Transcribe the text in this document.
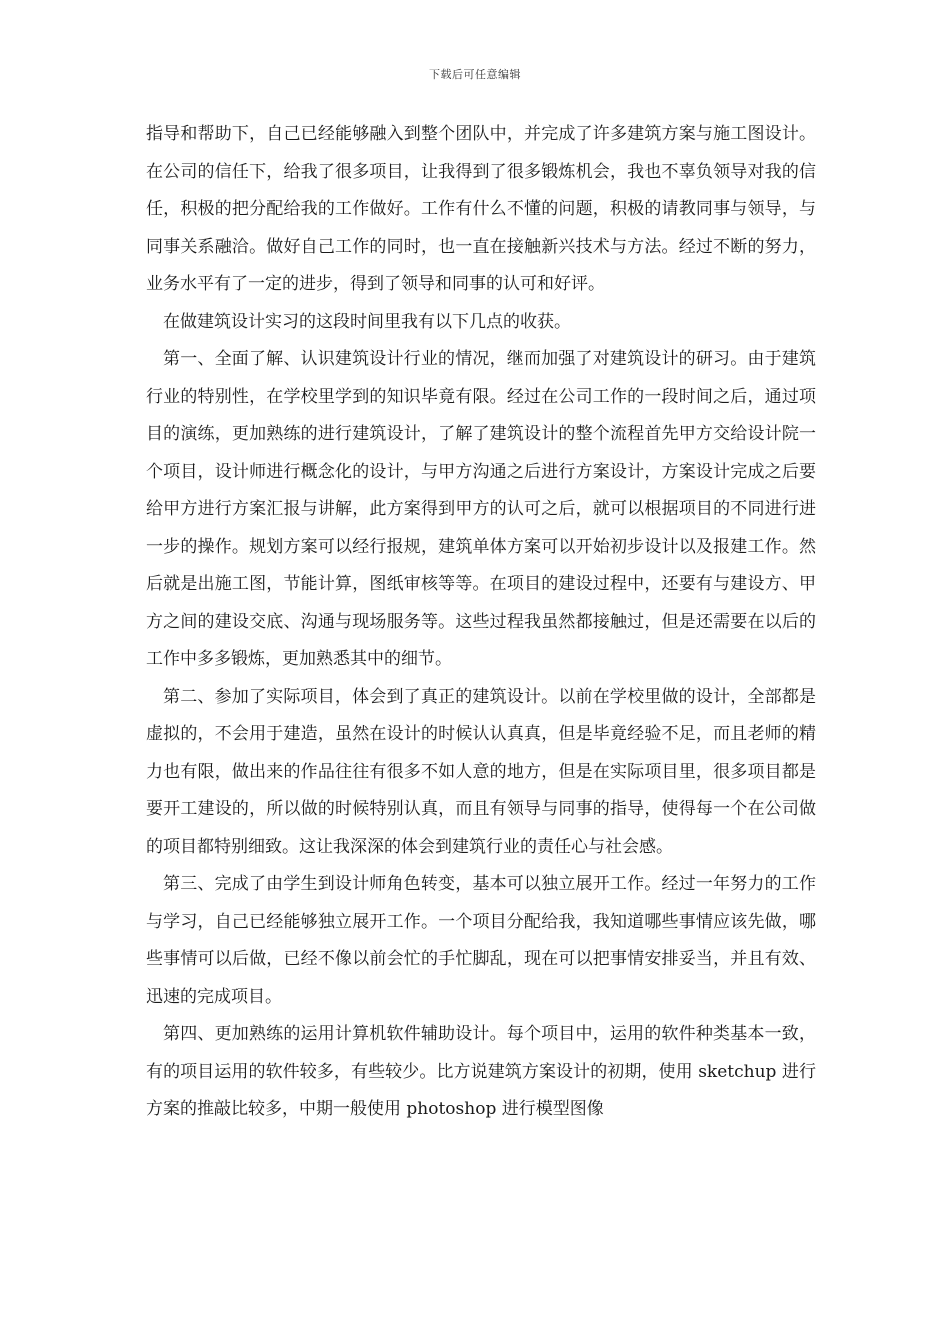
下载后可任意编辑

指导和帮助下，自己已经能够融入到整个团队中，并完成了许多建筑方案与施工图设计。在公司的信任下，给我了很多项目，让我得到了很多锻炼机会，我也不辜负领导对我的信任，积极的把分配给我的工作做好。工作有什么不懂的问题，积极的请教同事与领导，与同事关系融洽。做好自己工作的同时，也一直在接触新兴技术与方法。经过不断的努力，业务水平有了一定的进步，得到了领导和同事的认可和好评。

在做建筑设计实习的这段时间里我有以下几点的收获。

第一、全面了解、认识建筑设计行业的情况，继而加强了对建筑设计的研习。由于建筑行业的特别性，在学校里学到的知识毕竟有限。经过在公司工作的一段时间之后，通过项目的演练，更加熟练的进行建筑设计，了解了建筑设计的整个流程首先甲方交给设计院一个项目，设计师进行概念化的设计，与甲方沟通之后进行方案设计，方案设计完成之后要给甲方进行方案汇报与讲解，此方案得到甲方的认可之后，就可以根据项目的不同进行进一步的操作。规划方案可以经行报规，建筑单体方案可以开始初步设计以及报建工作。然后就是出施工图，节能计算，图纸审核等等。在项目的建设过程中，还要有与建设方、甲方之间的建设交底、沟通与现场服务等。这些过程我虽然都接触过，但是还需要在以后的工作中多多锻炼，更加熟悉其中的细节。

第二、参加了实际项目，体会到了真正的建筑设计。以前在学校里做的设计，全部都是虚拟的，不会用于建造，虽然在设计的时候认认真真，但是毕竟经验不足，而且老师的精力也有限，做出来的作品往往有很多不如人意的地方，但是在实际项目里，很多项目都是要开工建设的，所以做的时候特别认真，而且有领导与同事的指导，使得每一个在公司做的项目都特别细致。这让我深深的体会到建筑行业的责任心与社会感。

第三、完成了由学生到设计师角色转变，基本可以独立展开工作。经过一年努力的工作与学习，自己已经能够独立展开工作。一个项目分配给我，我知道哪些事情应该先做，哪些事情可以后做，已经不像以前会忙的手忙脚乱，现在可以把事情安排妥当，并且有效、迅速的完成项目。

第四、更加熟练的运用计算机软件辅助设计。每个项目中，运用的软件种类基本一致，有的项目运用的软件较多，有些较少。比方说建筑方案设计的初期，使用 sketchup 进行方案的推敲比较多，中期一般使用 photoshop 进行模型图像
